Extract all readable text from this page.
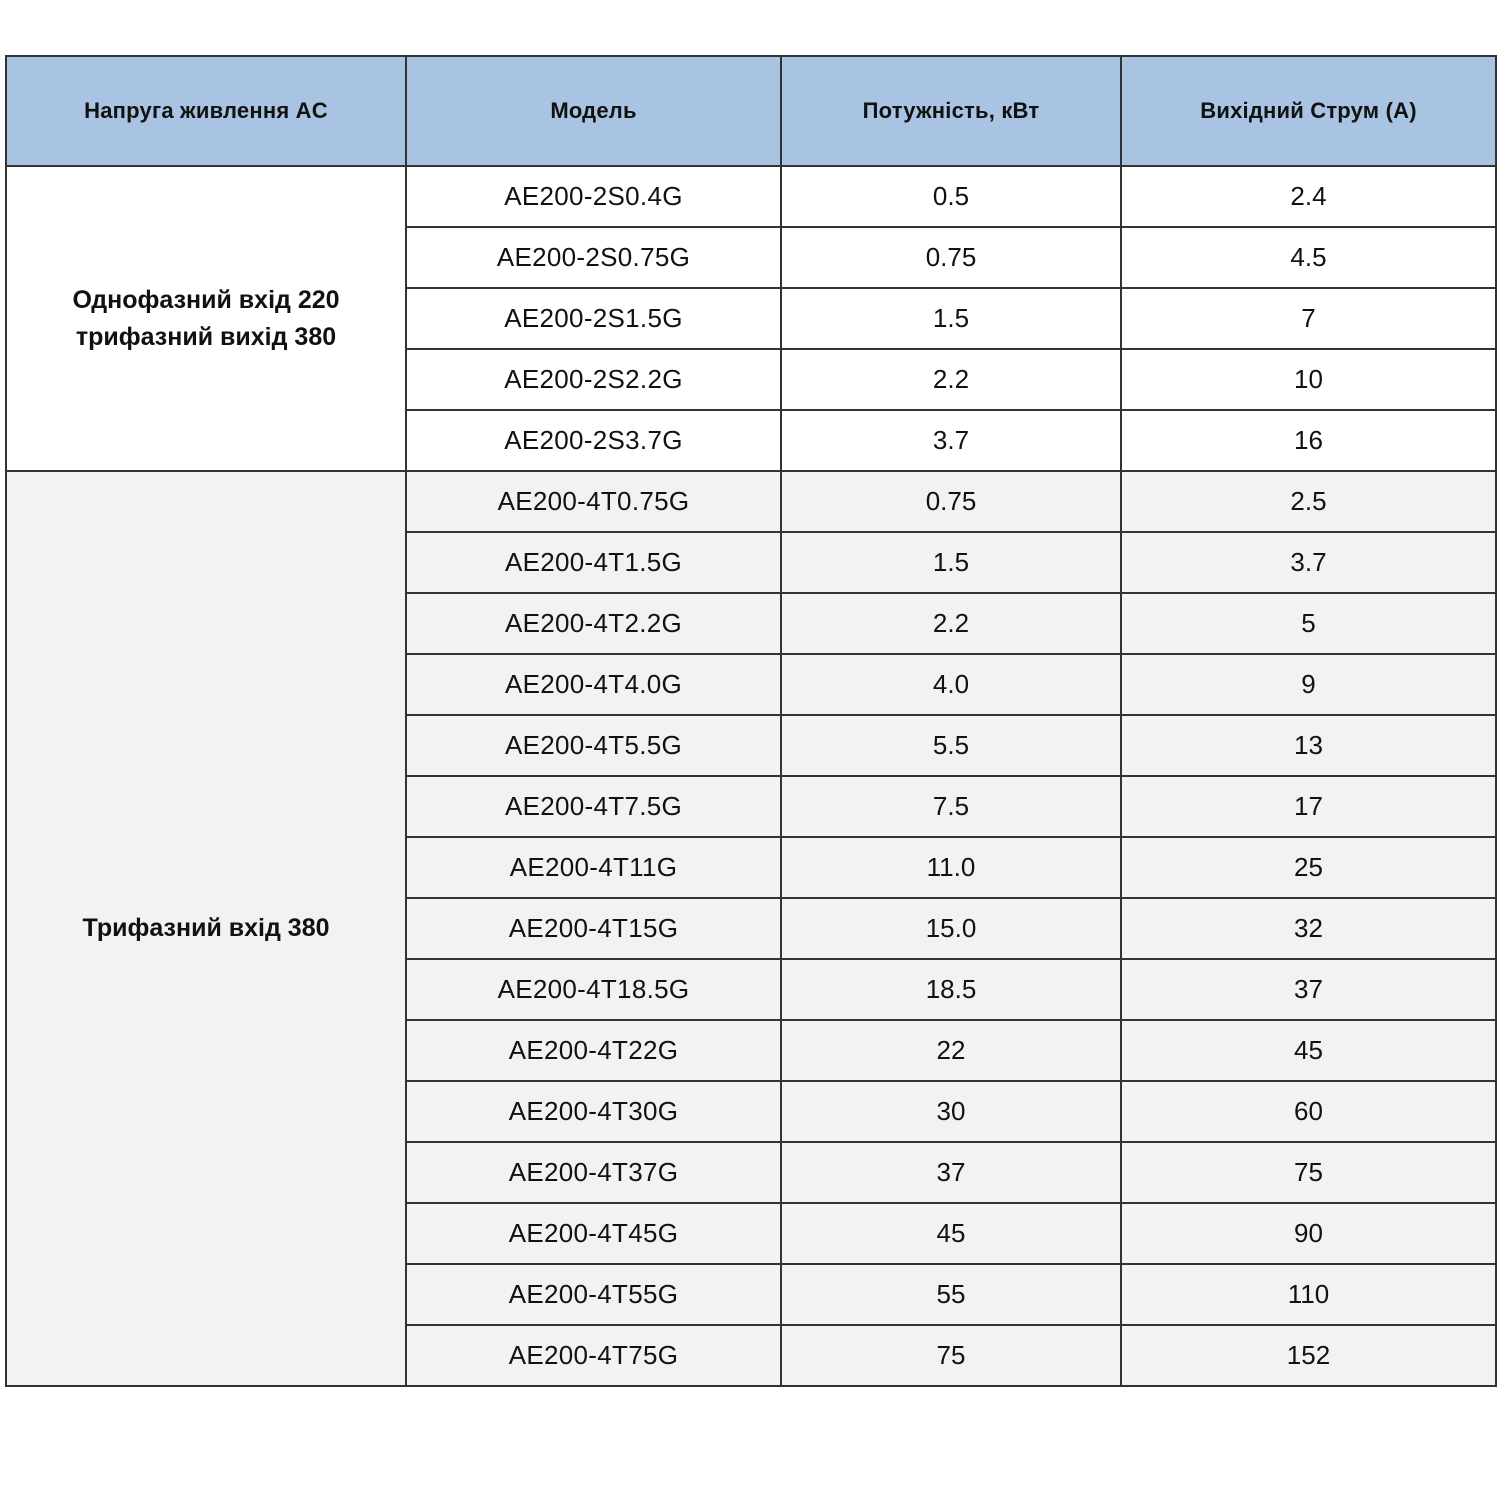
Напруга живлення AC	Модель	Потужність, кВт	Вихідний Струм (A)
Однофазний вхід 220 трифазний вихід 380	AE200-2S0.4G	0.5	2.4
	AE200-2S0.75G	0.75	4.5
	AE200-2S1.5G	1.5	7
	AE200-2S2.2G	2.2	10
	AE200-2S3.7G	3.7	16
Трифазний вхід 380	AE200-4T0.75G	0.75	2.5
	AE200-4T1.5G	1.5	3.7
	AE200-4T2.2G	2.2	5
	AE200-4T4.0G	4.0	9
	AE200-4T5.5G	5.5	13
	AE200-4T7.5G	7.5	17
	AE200-4T11G	11.0	25
	AE200-4T15G	15.0	32
	AE200-4T18.5G	18.5	37
	AE200-4T22G	22	45
	AE200-4T30G	30	60
	AE200-4T37G	37	75
	AE200-4T45G	45	90
	AE200-4T55G	55	110
	AE200-4T75G	75	152
